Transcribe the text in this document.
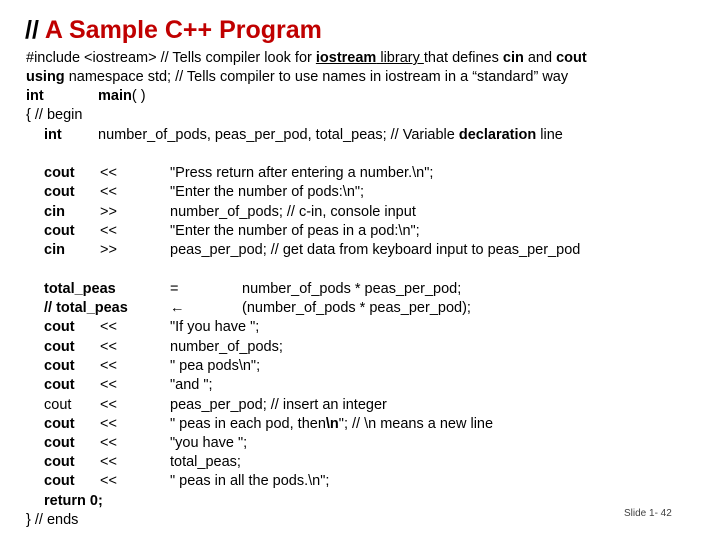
// A Sample C++ Program
#include <iostream> // Tells compiler look for iostream library that defines cin and cout
using namespace std; // Tells compiler to use names in iostream in a “standard” way
int	main( )
{ // begin
int	number_of_pods, peas_per_pod, total_peas; // Variable declaration line
cout <<	"Press return after entering a number.\n";
cout <<	"Enter the number of pods:\n";
cin >>	number_of_pods; // c-in, console input
cout <<	"Enter the number of peas in a pod:\n";
cin >>	peas_per_pod; // get data from keyboard input to peas_per_pod
total_peas	=	number_of_pods * peas_per_pod;
// total_peas	←	(number_of_pods * peas_per_pod);
cout <<	"If you have ";
cout <<	number_of_pods;
cout <<	" pea pods\n";
cout <<	"and ";
cout <<	peas_per_pod; // insert an integer
cout <<	" peas in each pod, then\n"; // \n means a new line
cout <<	"you have ";
cout <<	total_peas;
cout <<	" peas in all the pods.\n";
return 0;
} // ends	Slide 1- 42
